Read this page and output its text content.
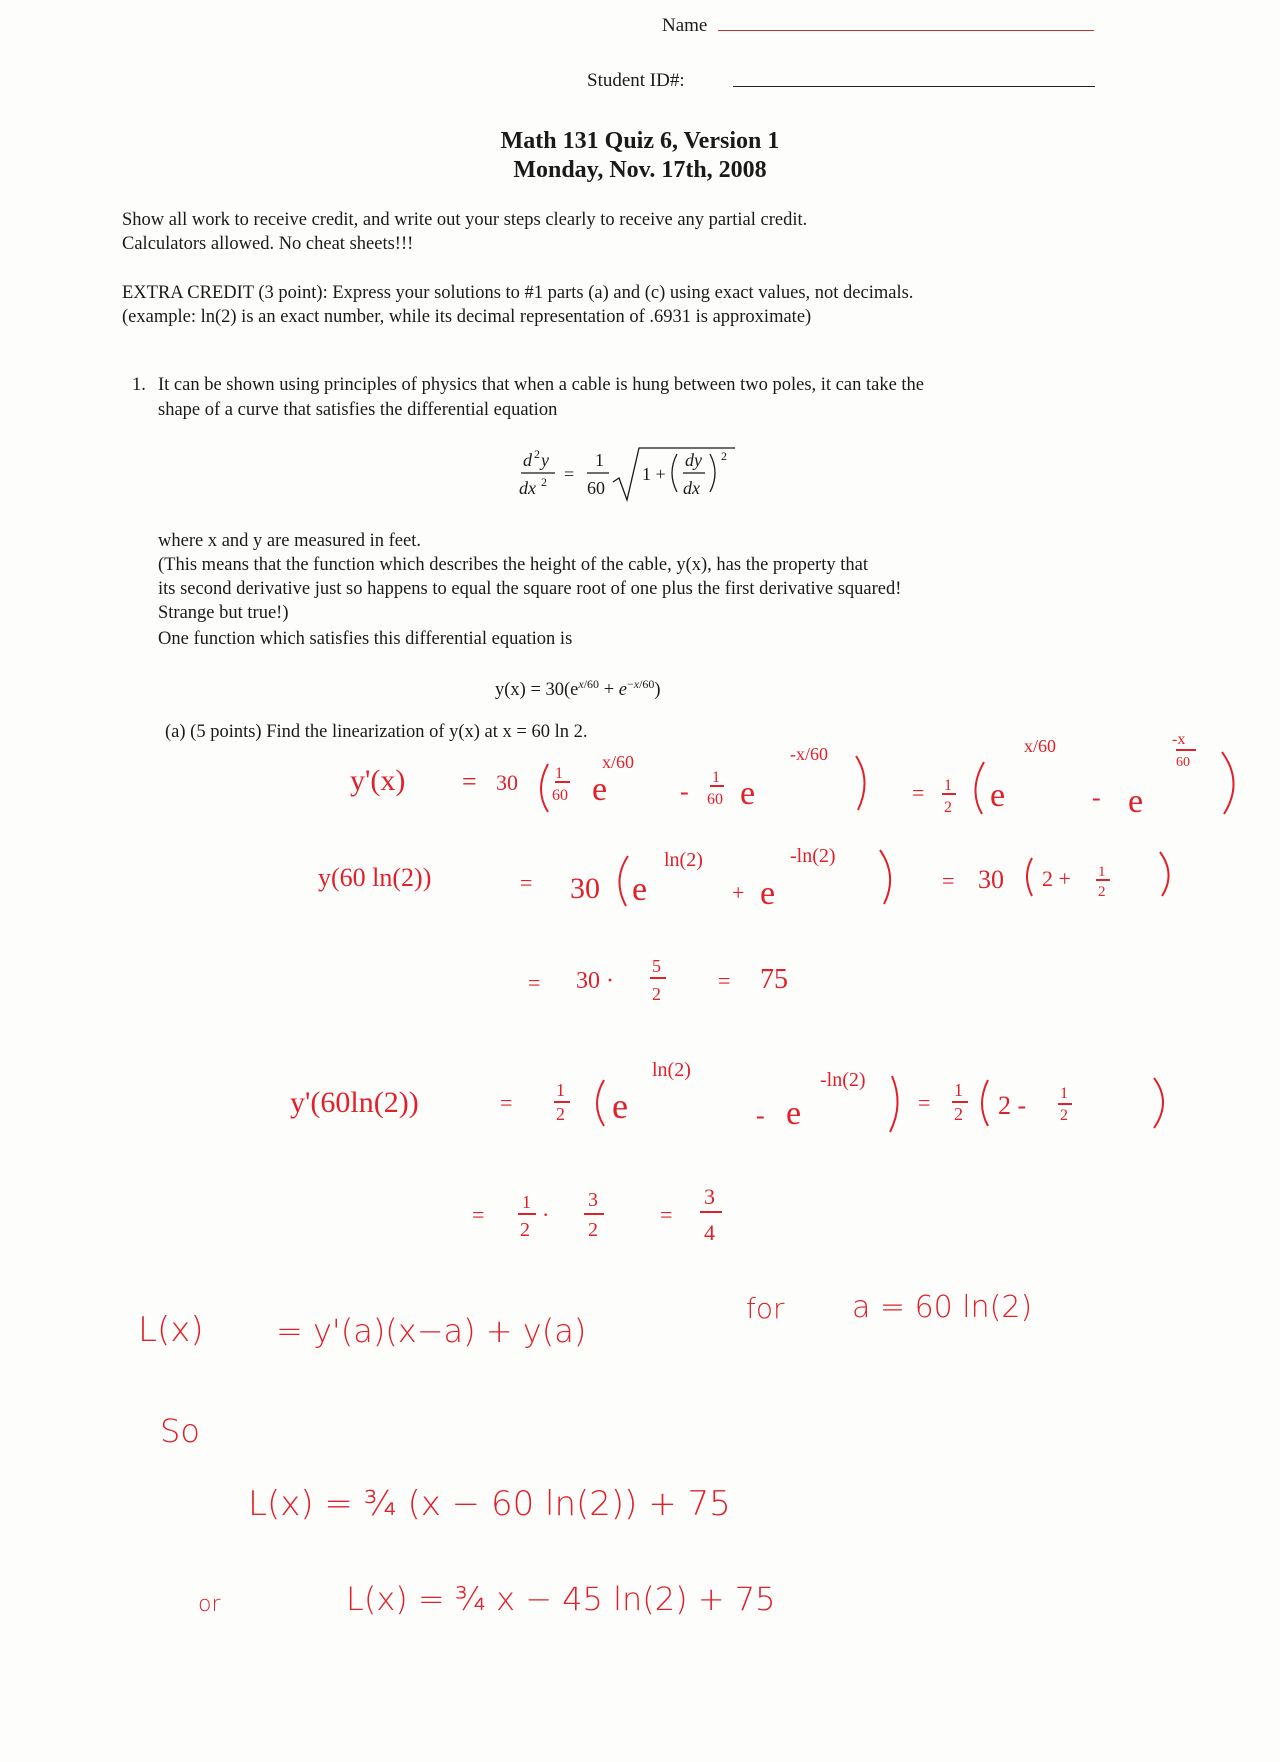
Name
Student ID#:
Math 131 Quiz 6, Version 1
Monday, Nov. 17th, 2008
Show all work to receive credit, and write out your steps clearly to receive any partial credit.
Calculators allowed. No cheat sheets!!!
EXTRA CREDIT (3 point): Express your solutions to #1 parts (a) and (c) using exact values, not decimals.
(example: ln(2) is an exact number, while its decimal representation of .6931 is approximate)
1. It can be shown using principles of physics that when a cable is hung between two poles, it can take the
shape of a curve that satisfies the differential equation
d 2 y
dx 2 =
1
60
1 +
dy
dx
2
where x and y are measured in feet.
(This means that the function which describes the height of the cable, y(x), has the property that
its second derivative just so happens to equal the square root of one plus the first derivative squared!
Strange but true!)
One function which satisfies this differential equation is
$y(x) = 30(e^{x/60} + e^{-x/60})$
(a) (5 points) Find the linearization of y(x) at x = 60 ln 2.
y'(x) = 30 1
60 e
x/60
- 1
60 e
-x/60
= 1
2 e
x/60
- e
-x
60
y(60 ln(2))	= 30 e
ln(2)
+ e
-ln(2)
= 30 2 + 1
2
= 30 ·
5
2
= 75
y'(60ln(2))	= 1
2 e
ln(2)
- e
-ln(2)
= 1
2 2 - 1
2
= 1
2
·
3
2
=
3
4
L(x) = y'(a)(x−a) + y(a)
for a = 60 ln(2)
So
L(x) = ¾ (x − 60 ln(2)) + 75
or	L(x) = ¾ x − 45 ln(2) + 75
